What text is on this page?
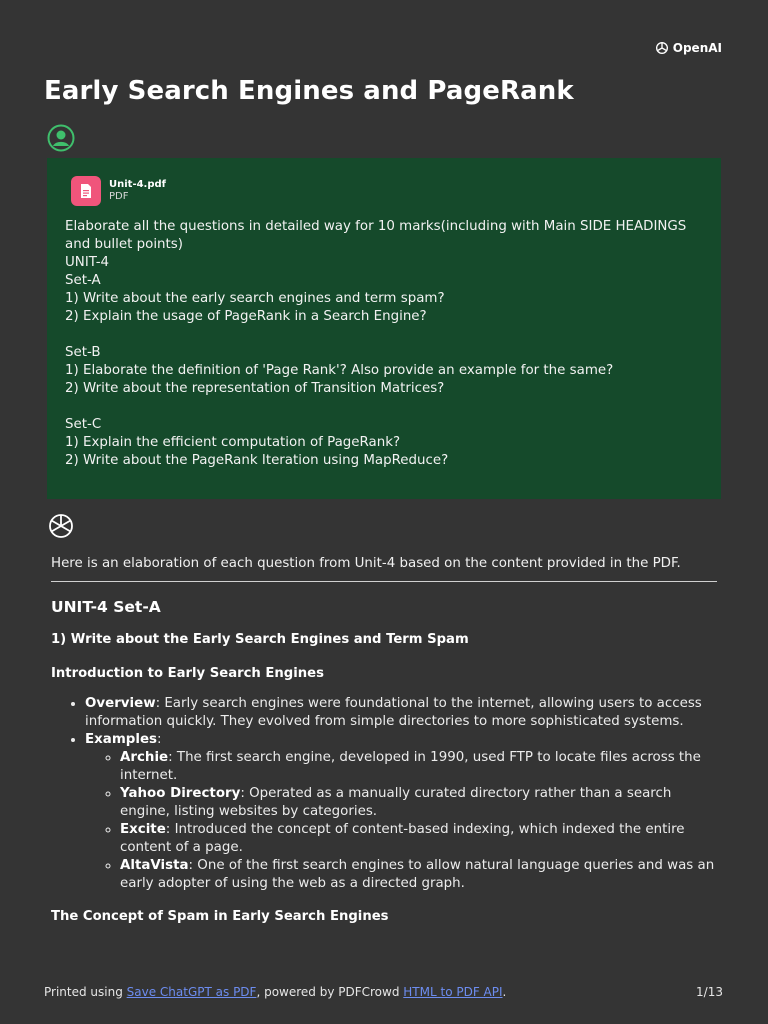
OpenAI
Early Search Engines and PageRank
Unit-4.pdf
PDF

Elaborate all the questions in detailed way for 10 marks(including with Main SIDE HEADINGS and bullet points)

UNIT-4

Set-A

1) Write about the early search engines and term spam?

2) Explain the usage of PageRank in a Search Engine?

Set-B

1) Elaborate the definition of 'Page Rank'? Also provide an example for the same?

2) Write about the representation of Transition Matrices?

Set-C

1) Explain the efficient computation of PageRank?

2) Write about the PageRank Iteration using MapReduce?

Here is an elaboration of each question from Unit-4 based on the content provided in the PDF.

UNIT-4 Set-A
1) Write about the Early Search Engines and Term Spam
Introduction to Early Search Engines
• Overview: Early search engines were foundational to the internet, allowing users to access information quickly. They evolved from simple directories to more sophisticated systems.
• Examples:
◦ Archie: The first search engine, developed in 1990, used FTP to locate files across the internet.
◦ Yahoo Directory: Operated as a manually curated directory rather than a search engine, listing websites by categories.
◦ Excite: Introduced the concept of content-based indexing, which indexed the entire content of a page.
◦ AltaVista: One of the first search engines to allow natural language queries and was an early adopter of using the web as a directed graph.
The Concept of Spam in Early Search Engines
Printed using Save ChatGPT as PDF, powered by PDFCrowd HTML to PDF API.	1/13
